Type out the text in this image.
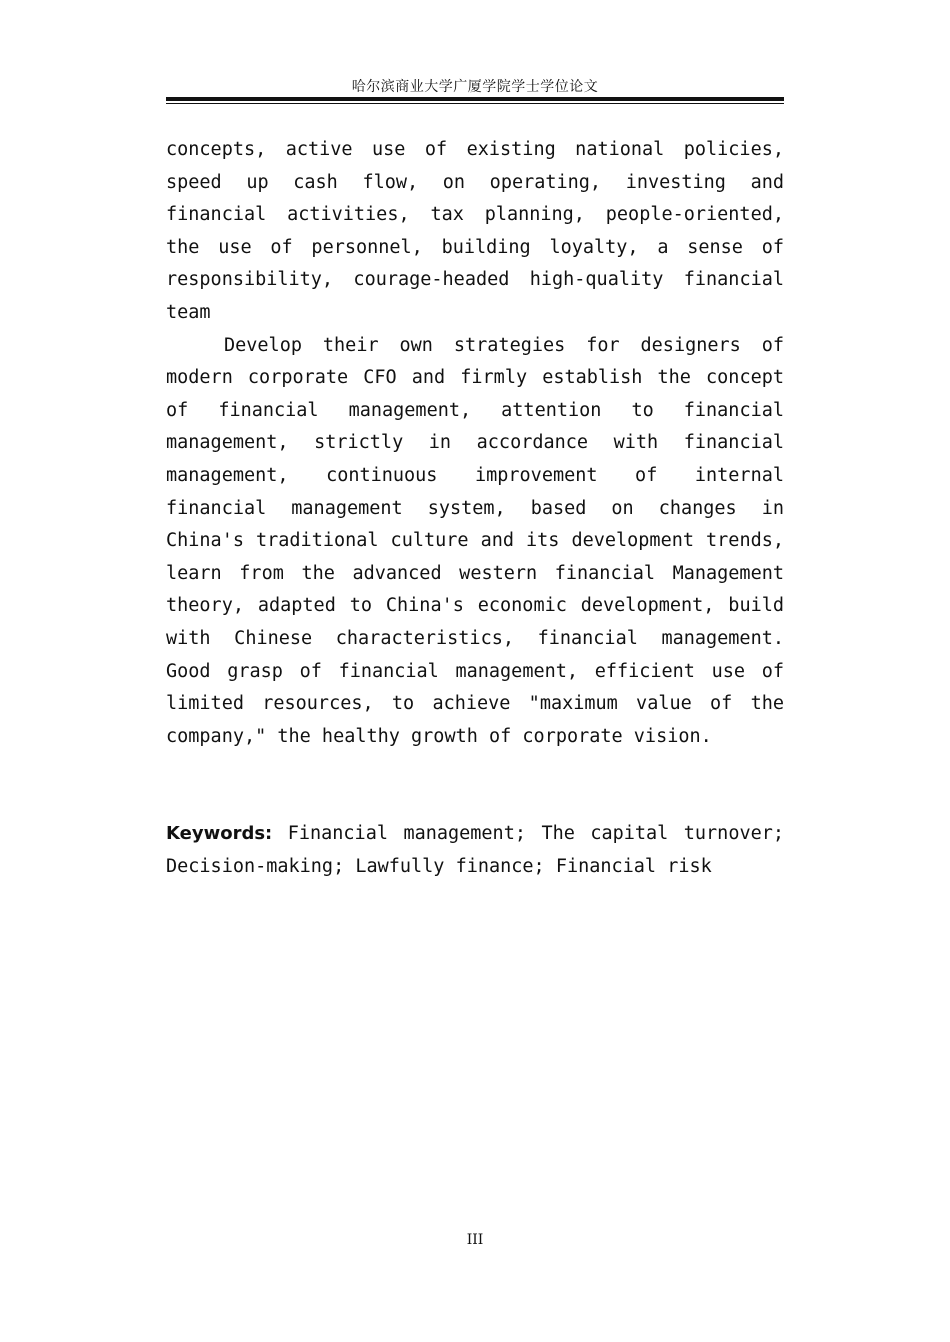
哈尔滨商业大学广厦学院学士学位论文

concepts, active use of existing national policies, speed up cash flow, on operating, investing and financial activities, tax planning, people-oriented, the use of personnel, building loyalty, a sense of responsibility, courage-headed high-quality financial team

Develop their own strategies for designers of modern corporate CFO and firmly establish the concept of financial management, attention to financial management, strictly in accordance with financial management, continuous improvement of internal financial management system, based on changes in China's traditional culture and its development trends, learn from the advanced western financial Management theory, adapted to China's economic development, build with Chinese characteristics, financial management. Good grasp of financial management, efficient use of limited resources, to achieve "maximum value of the company," the healthy growth of corporate vision.

Keywords: Financial management; The capital turnover; Decision-making; Lawfully finance; Financial risk
III
